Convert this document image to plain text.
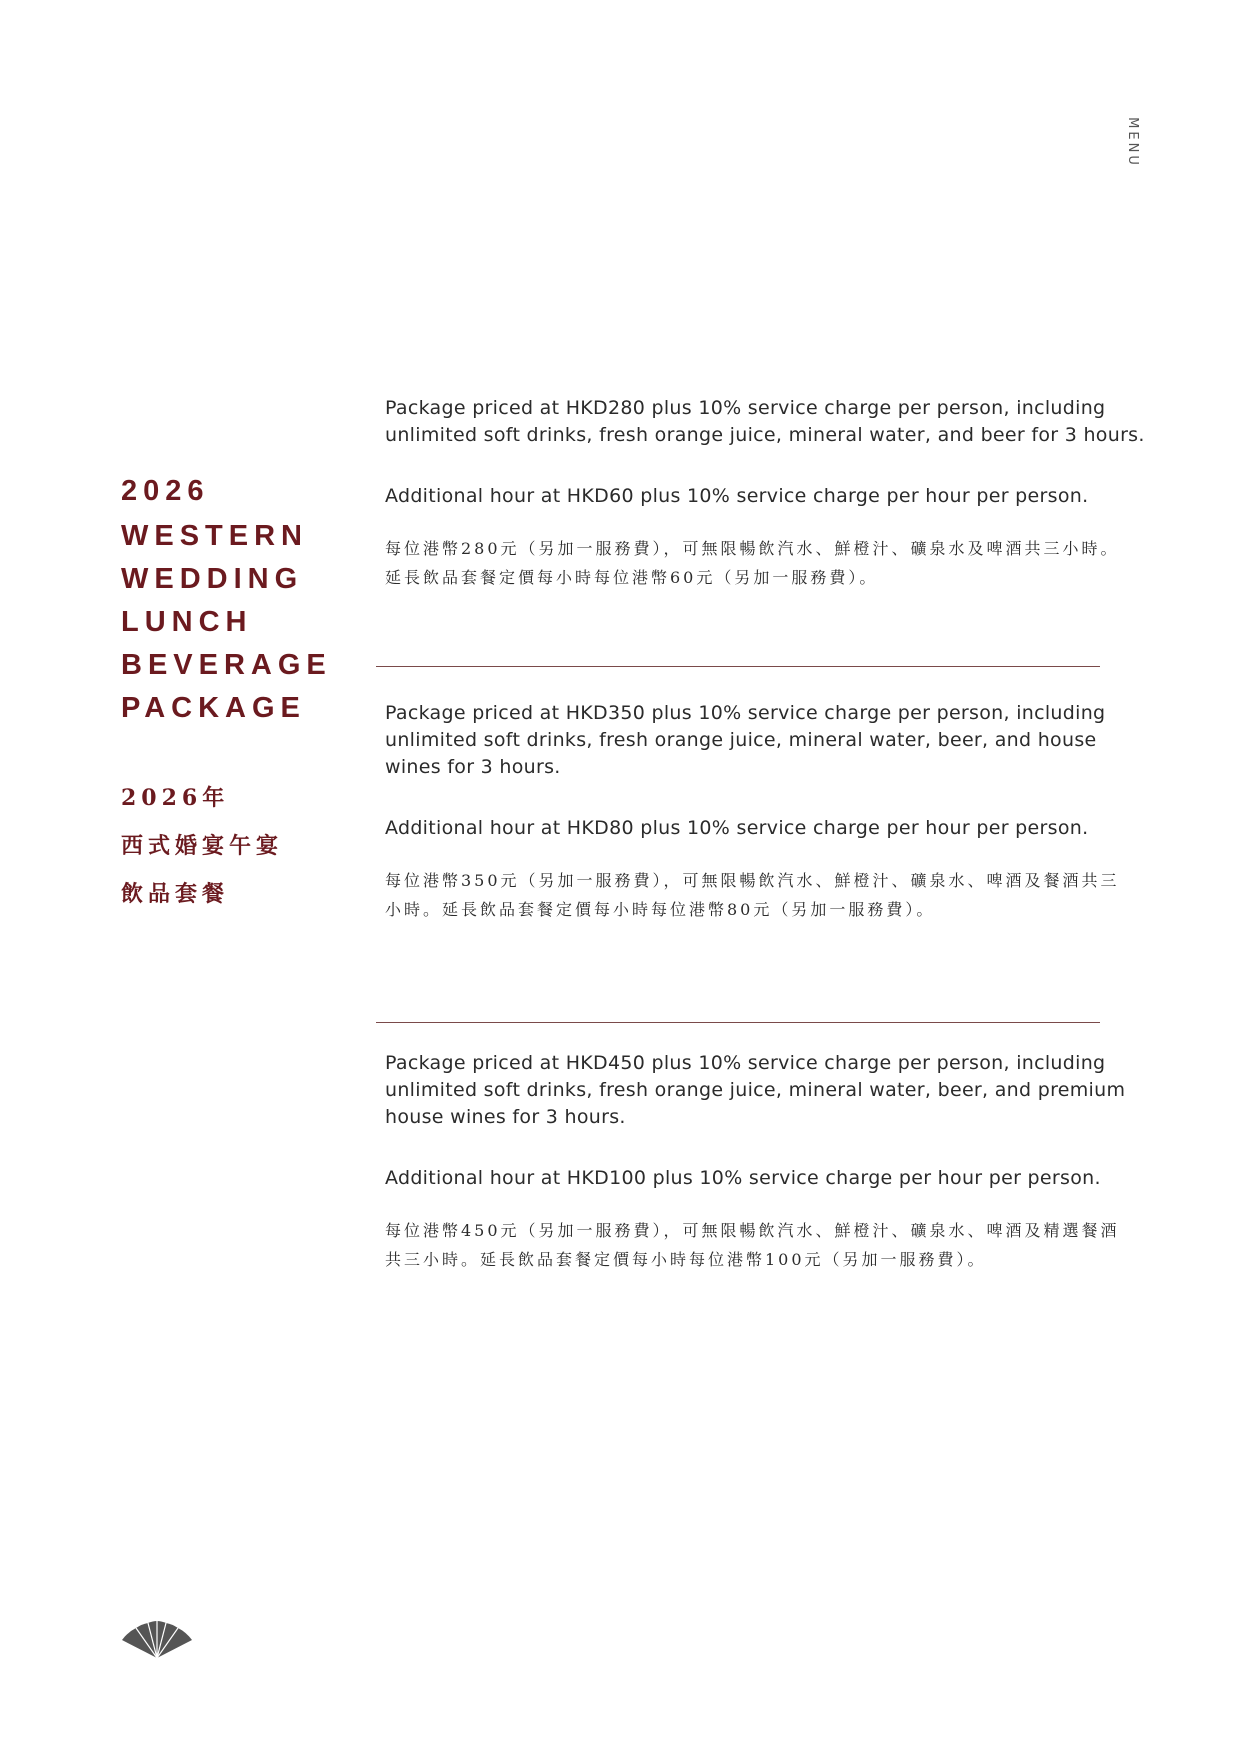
MENU
2026
WESTERN
WEDDING
LUNCH
BEVERAGE
PACKAGE
2026年
西式婚宴午宴
飲品套餐

Package priced at HKD280 plus 10% service charge per person, including unlimited soft drinks, fresh orange juice, mineral water, and beer for 3 hours.

Additional hour at HKD60 plus 10% service charge per hour per person.

每位港幣280元（另加一服務費），可無限暢飲汽水、鮮橙汁、礦泉水及啤酒共三小時。延長飲品套餐定價每小時每位港幣60元（另加一服務費）。

Package priced at HKD350 plus 10% service charge per person, including unlimited soft drinks, fresh orange juice, mineral water, beer, and house wines for 3 hours.

Additional hour at HKD80 plus 10% service charge per hour per person.

每位港幣350元（另加一服務費），可無限暢飲汽水、鮮橙汁、礦泉水、啤酒及餐酒共三小時。延長飲品套餐定價每小時每位港幣80元（另加一服務費）。

Package priced at HKD450 plus 10% service charge per person, including unlimited soft drinks, fresh orange juice, mineral water, beer, and premium house wines for 3 hours.

Additional hour at HKD100 plus 10% service charge per hour per person.

每位港幣450元（另加一服務費），可無限暢飲汽水、鮮橙汁、礦泉水、啤酒及精選餐酒共三小時。延長飲品套餐定價每小時每位港幣100元（另加一服務費）。
